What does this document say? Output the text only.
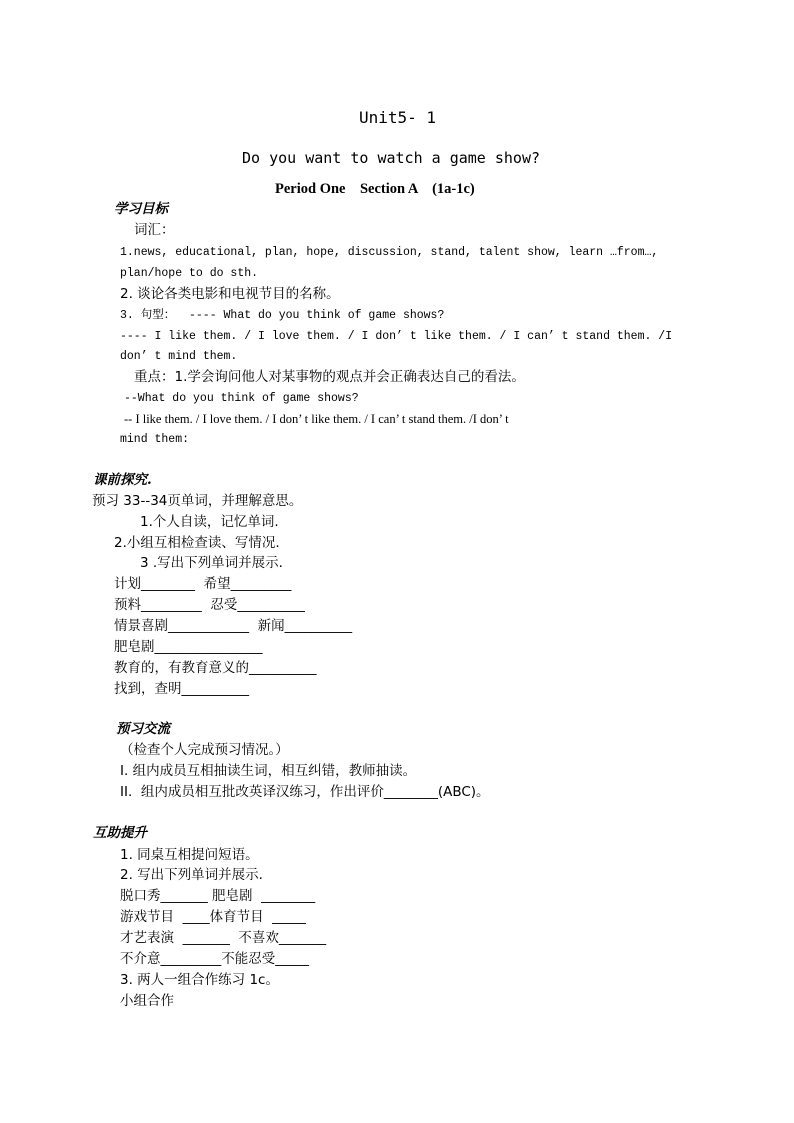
Unit5- 1
Do you want to watch a game show?
Period One    Section A    (1a-1c)
学习目标
词汇：
1.news, educational, plan, hope, discussion, stand, talent show, learn …from…,
plan/hope to do sth.
2. 谈论各类电影和电视节目的名称。
3. 句型：  ---- What do you think of game shows?
---- I like them. / I love them. / I don’ t like them. / I can’ t stand them. /I
don’ t mind them.
重点：1.学会询问他人对某事物的观点并会正确表达自己的看法。
--What do you think of game shows?
-- I like them. / I love them. / I don’ t like them. / I can’ t stand them. /I don’ t
mind them:
课前探究.
预习 33--34页单词，并理解意思。
1.个人自读，记忆单词.
2.小组互相检查读、写情况.
3 .写出下列单词并展示.
计划________  希望_________
预料_________  忍受__________
情景喜剧____________  新闻__________
肥皂剧________________
教育的，有教育意义的__________
找到，查明__________
预习交流
（检查个人完成预习情况。）
I. 组内成员互相抽读生词，相互纠错，教师抽读。
II.  组内成员相互批改英译汉练习，作出评价________(ABC)。
互助提升
1. 同桌互相提问短语。
2. 写出下列单词并展示.
脱口秀_______ 肥皂剧  ________
游戏节目  ____体育节目  _____
才艺表演  _______  不喜欢_______
不介意_________不能忍受_____
3. 两人一组合作练习 1c。
小组合作
